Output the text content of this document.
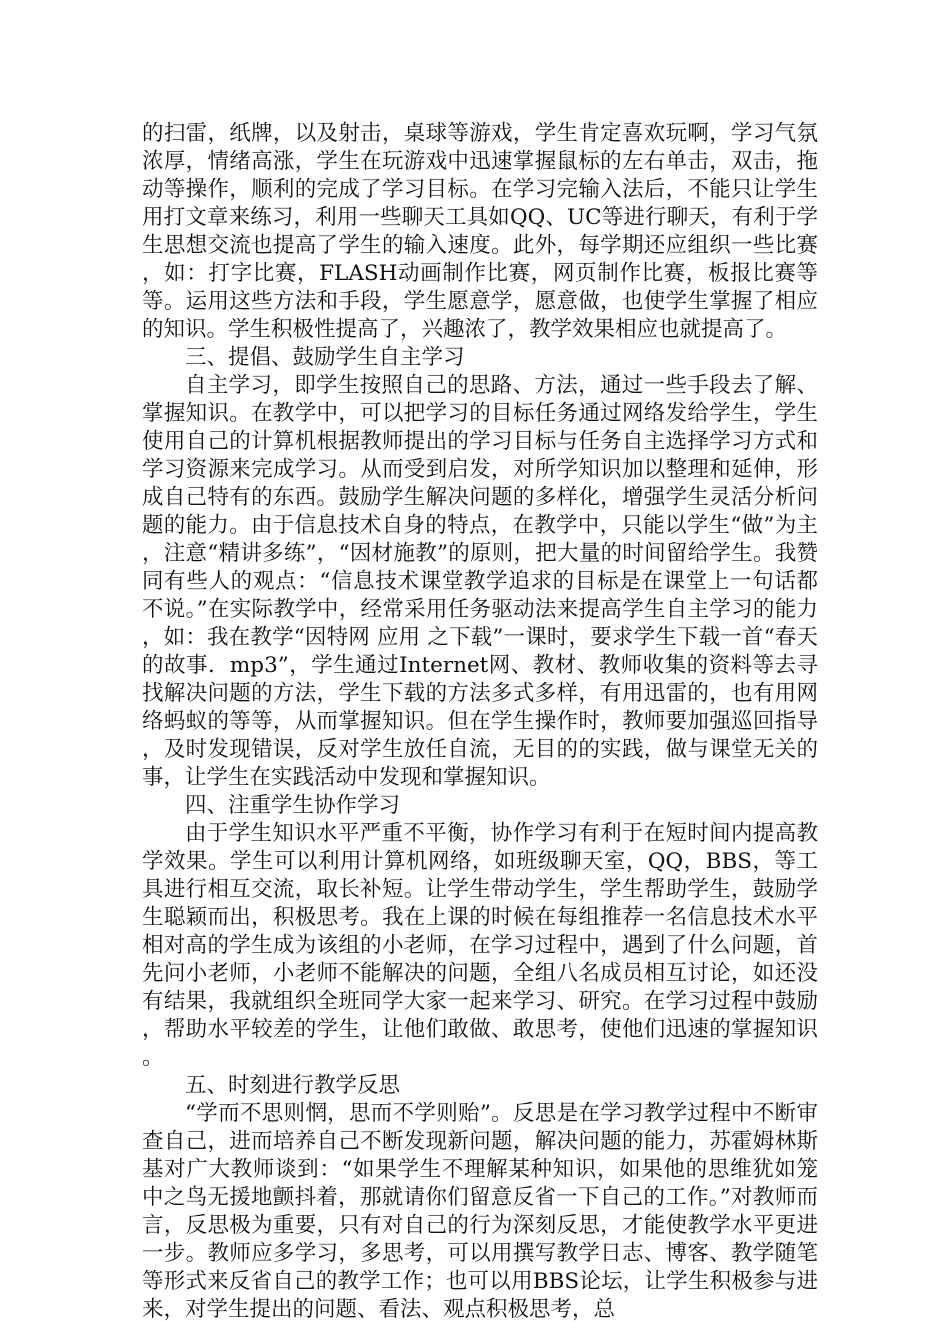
的扫雷，纸牌，以及射击，桌球等游戏，学生肯定喜欢玩啊，学习气氛浓厚，情绪高涨，学生在玩游戏中迅速掌握鼠标的左右单击，双击，拖动等操作，顺利的完成了学习目标。在学习完输入法后，不能只让学生用打文章来练习，利用一些聊天工具如QQ、UC等进行聊天，有利于学生思想交流也提高了学生的输入速度。此外，每学期还应组织一些比赛，如：打字比赛，FLASH动画制作比赛，网页制作比赛，板报比赛等等。运用这些方法和手段，学生愿意学，愿意做，也使学生掌握了相应的知识。学生积极性提高了，兴趣浓了，教学效果相应也就提高了。

三、提倡、鼓励学生自主学习

自主学习，即学生按照自己的思路、方法，通过一些手段去了解、掌握知识。在教学中，可以把学习的目标任务通过网络发给学生，学生使用自己的计算机根据教师提出的学习目标与任务自主选择学习方式和学习资源来完成学习。从而受到启发，对所学知识加以整理和延伸，形成自己特有的东西。鼓励学生解决问题的多样化，增强学生灵活分析问题的能力。由于信息技术自身的特点，在教学中，只能以学生“做”为主，注意“精讲多练”，“因材施教”的原则，把大量的时间留给学生。我赞同有些人的观点：“信息技术课堂教学追求的目标是在课堂上一句话都不说。”在实际教学中，经常采用任务驱动法来提高学生自主学习的能力，如：我在教学“因特网 应用 之下载”一课时，要求学生下载一首“春天的故事．mp3”，学生通过Internet网、教材、教师收集的资料等去寻找解决问题的方法，学生下载的方法多式多样，有用迅雷的，也有用网络蚂蚁的等等，从而掌握知识。但在学生操作时，教师要加强巡回指导，及时发现错误，反对学生放任自流，无目的的实践，做与课堂无关的事，让学生在实践活动中发现和掌握知识。

四、注重学生协作学习

由于学生知识水平严重不平衡，协作学习有利于在短时间内提高教学效果。学生可以利用计算机网络，如班级聊天室，QQ，BBS，等工具进行相互交流，取长补短。让学生带动学生，学生帮助学生，鼓励学生聪颖而出，积极思考。我在上课的时候在每组推荐一名信息技术水平相对高的学生成为该组的小老师，在学习过程中，遇到了什么问题，首先问小老师，小老师不能解决的问题，全组八名成员相互讨论，如还没有结果，我就组织全班同学大家一起来学习、研究。在学习过程中鼓励，帮助水平较差的学生，让他们敢做、敢思考，使他们迅速的掌握知识。

五、时刻进行教学反思

“学而不思则惘，思而不学则贻”。反思是在学习教学过程中不断审查自己，进而培养自己不断发现新问题，解决问题的能力，苏霍姆林斯基对广大教师谈到：“如果学生不理解某种知识，如果他的思维犹如笼中之鸟无援地颤抖着，那就请你们留意反省一下自己的工作。”对教师而言，反思极为重要，只有对自己的行为深刻反思，才能使教学水平更进一步。教师应多学习，多思考，可以用撰写教学日志、博客、教学随笔等形式来反省自己的教学工作；也可以用BBS论坛，让学生积极参与进来，对学生提出的问题、看法、观点积极思考，总
